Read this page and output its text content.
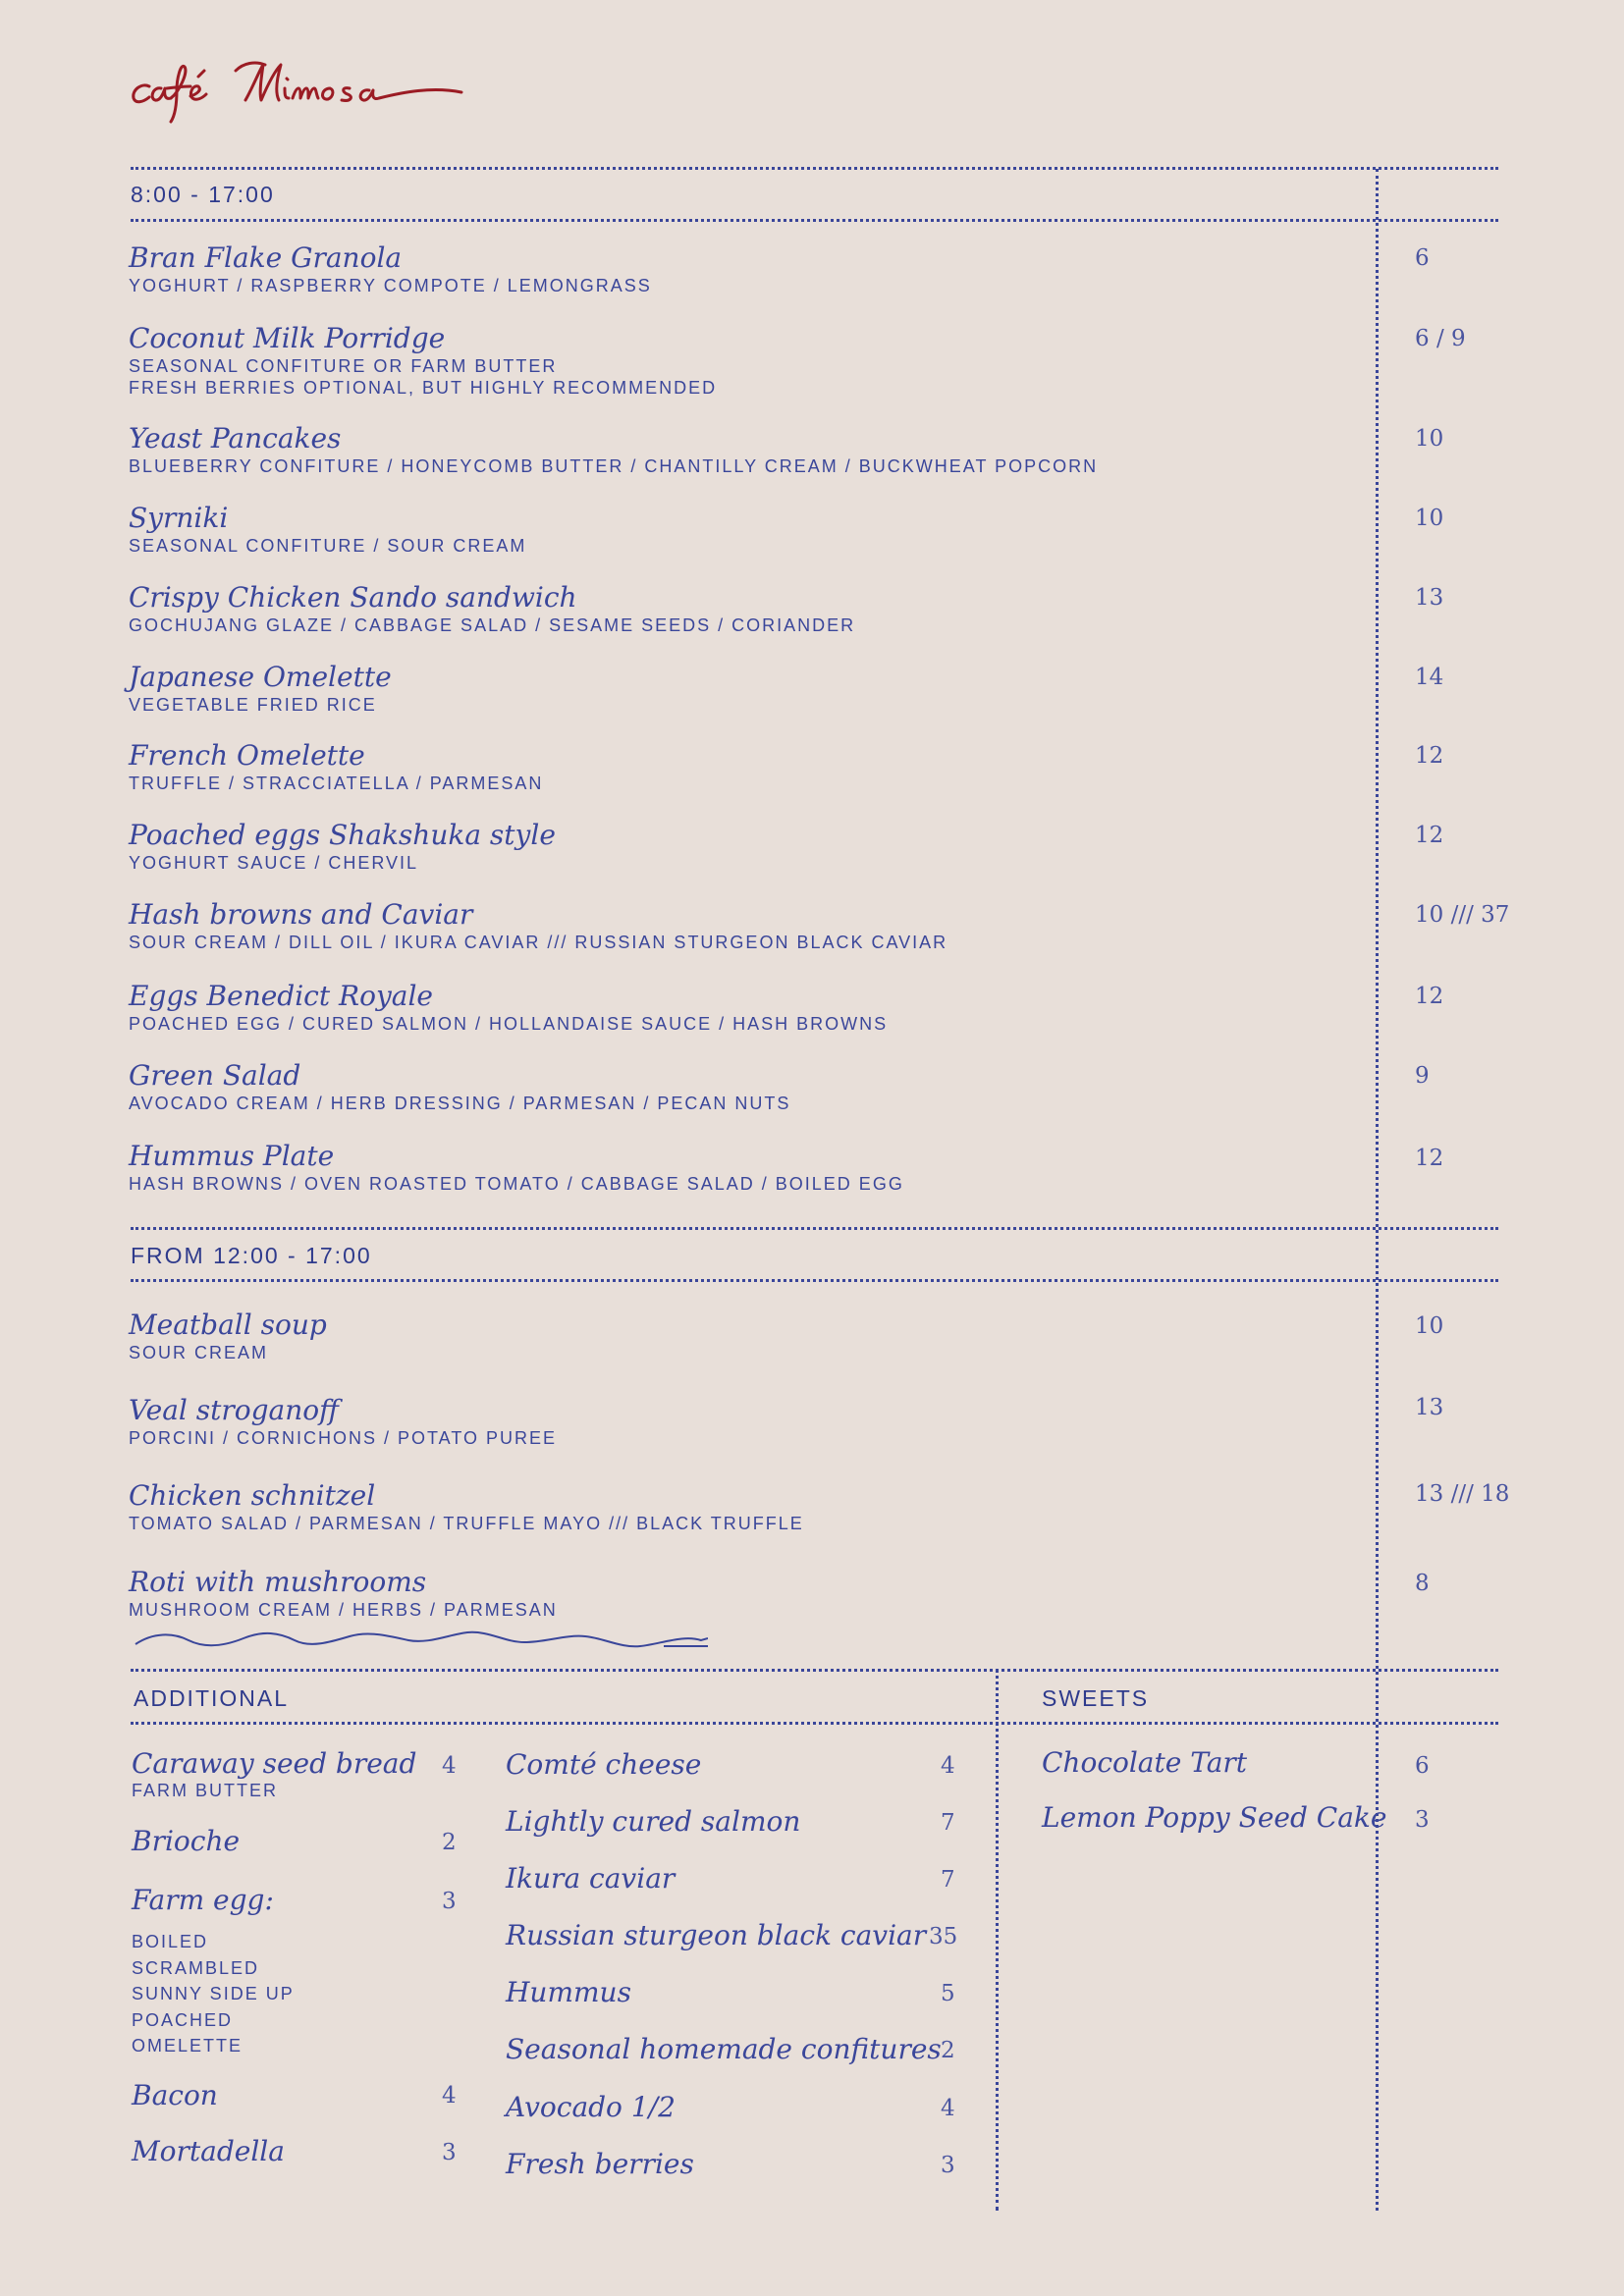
8:00 - 17:00
Bran Flake Granola
YOGHURT / RASPBERRY COMPOTE / LEMONGRASS
6
Coconut Milk Porridge
SEASONAL CONFITURE OR FARM BUTTER
FRESH BERRIES OPTIONAL, BUT HIGHLY RECOMMENDED
6 / 9
Yeast Pancakes
BLUEBERRY CONFITURE / HONEYCOMB BUTTER / CHANTILLY CREAM / BUCKWHEAT POPCORN
10
Syrniki
SEASONAL CONFITURE / SOUR CREAM
10
Crispy Chicken Sando sandwich
GOCHUJANG GLAZE / CABBAGE SALAD / SESAME SEEDS / CORIANDER
13
Japanese Omelette
VEGETABLE FRIED RICE
14
French Omelette
TRUFFLE / STRACCIATELLA / PARMESAN
12
Poached eggs Shakshuka style
YOGHURT SAUCE / CHERVIL
12
Hash browns and Caviar
SOUR CREAM / DILL OIL / IKURA CAVIAR /// RUSSIAN STURGEON BLACK CAVIAR
10 /// 37
Eggs Benedict Royale
POACHED EGG / CURED SALMON / HOLLANDAISE SAUCE / HASH BROWNS
12
Green Salad
AVOCADO CREAM / HERB DRESSING / PARMESAN / PECAN NUTS
9
Hummus Plate
HASH BROWNS / OVEN ROASTED TOMATO / CABBAGE SALAD / BOILED EGG
12
FROM 12:00 - 17:00
Meatball soup
SOUR CREAM
10
Veal stroganoff
PORCINI / CORNICHONS / POTATO PUREE
13
Chicken schnitzel
TOMATO SALAD / PARMESAN / TRUFFLE MAYO /// BLACK TRUFFLE
13 /// 18
Roti with mushrooms
MUSHROOM CREAM / HERBS / PARMESAN
8
ADDITIONAL	SWEETS
Caraway seed bread
FARM BUTTER
4
Brioche	2
Farm egg:
BOILED
SCRAMBLED
SUNNY SIDE UP
POACHED
OMELETTE
3
Bacon	4
Mortadella	3
Comté cheese	4
Lightly cured salmon	7
Ikura caviar	7
Russian sturgeon black caviar 35
Hummus	5
Seasonal homemade confitures 2
Avocado 1/2	4
Fresh berries	3
Chocolate Tart	6
Lemon Poppy Seed Cake 3
